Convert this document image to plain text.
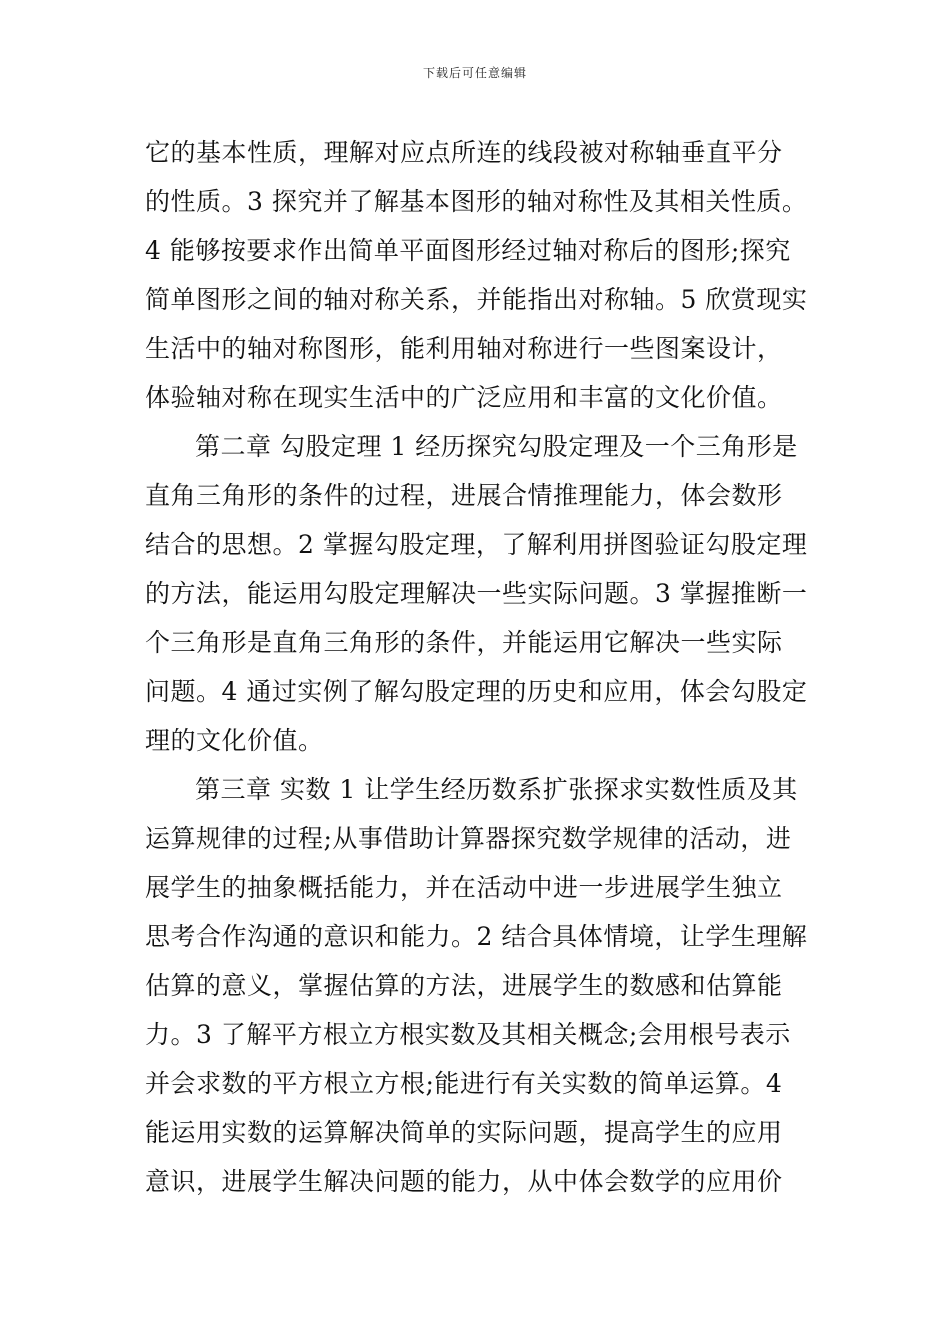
下载后可任意编辑
它的基本性质，理解对应点所连的线段被对称轴垂直平分
的性质。3 探究并了解基本图形的轴对称性及其相关性质。
4 能够按要求作出简单平面图形经过轴对称后的图形;探究
简单图形之间的轴对称关系，并能指出对称轴。5 欣赏现实
生活中的轴对称图形，能利用轴对称进行一些图案设计，
体验轴对称在现实生活中的广泛应用和丰富的文化价值。
第二章 勾股定理 1 经历探究勾股定理及一个三角形是
直角三角形的条件的过程，进展合情推理能力，体会数形
结合的思想。2 掌握勾股定理，了解利用拼图验证勾股定理
的方法，能运用勾股定理解决一些实际问题。3 掌握推断一
个三角形是直角三角形的条件，并能运用它解决一些实际
问题。4 通过实例了解勾股定理的历史和应用，体会勾股定
理的文化价值。
第三章 实数 1 让学生经历数系扩张探求实数性质及其
运算规律的过程;从事借助计算器探究数学规律的活动，进
展学生的抽象概括能力，并在活动中进一步进展学生独立
思考合作沟通的意识和能力。2 结合具体情境，让学生理解
估算的意义，掌握估算的方法，进展学生的数感和估算能
力。3 了解平方根立方根实数及其相关概念;会用根号表示
并会求数的平方根立方根;能进行有关实数的简单运算。4
能运用实数的运算解决简单的实际问题，提高学生的应用
意识，进展学生解决问题的能力，从中体会数学的应用价
